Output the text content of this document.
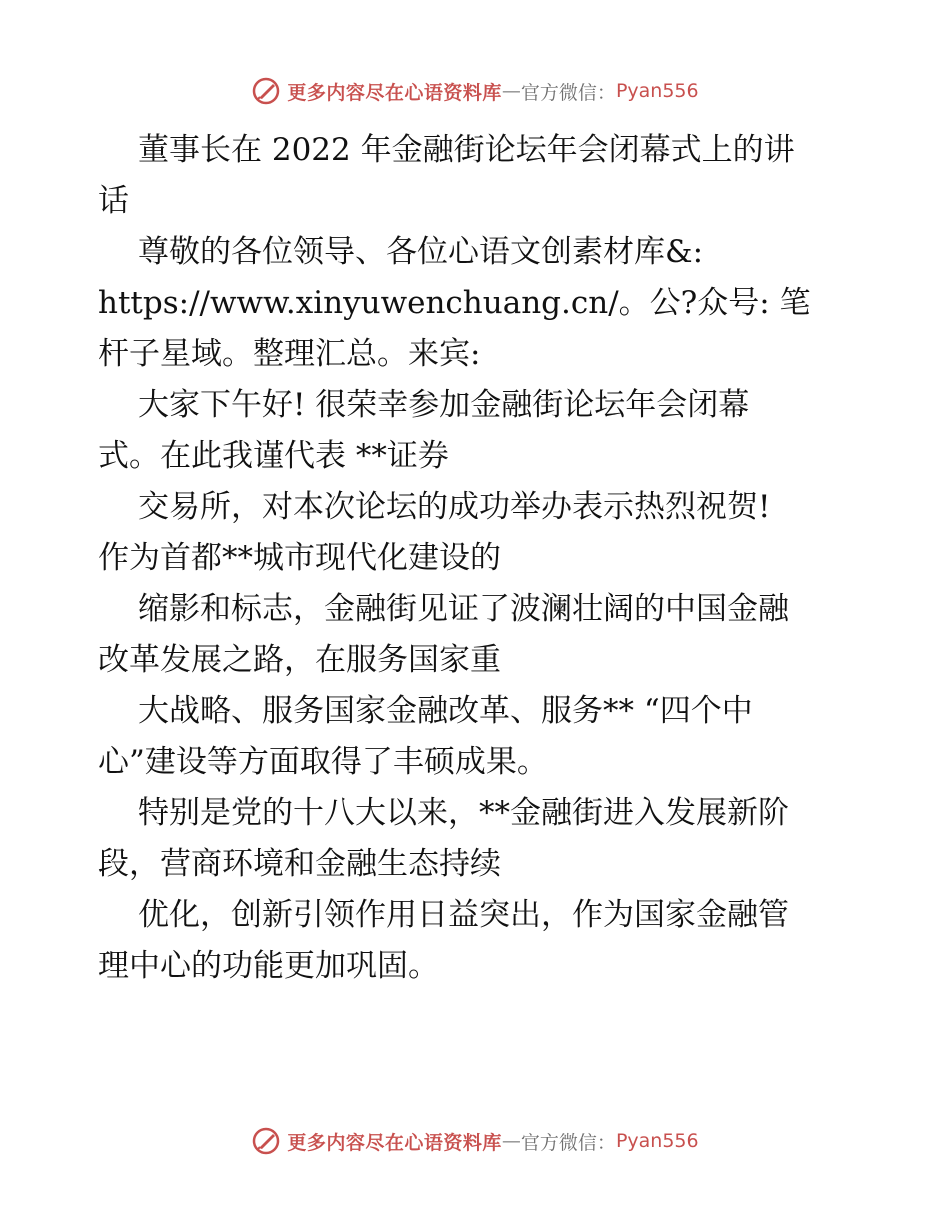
更多内容尽在心语资料库 — 官方微信： Pyan556
董事长在 2022 年金融街论坛年会闭幕式上的讲
话
尊敬的各位领导、各位心语文创素材库&:
https://www.xinyuwenchuang.cn/。公?众号: 笔
杆子星域。整理汇总。来宾:
大家下午好! 很荣幸参加金融街论坛年会闭幕
式。在此我谨代表 **证券
交易所，对本次论坛的成功举办表示热烈祝贺!
作为首都**城市现代化建设的
缩影和标志，金融街见证了波澜壮阔的中国金融
改革发展之路，在服务国家重
大战略、服务国家金融改革、服务** “四个中
心”建设等方面取得了丰硕成果。
特别是党的十八大以来，**金融街进入发展新阶
段，营商环境和金融生态持续
优化，创新引领作用日益突出，作为国家金融管
理中心的功能更加巩固。
更多内容尽在心语资料库 — 官方微信： Pyan556
